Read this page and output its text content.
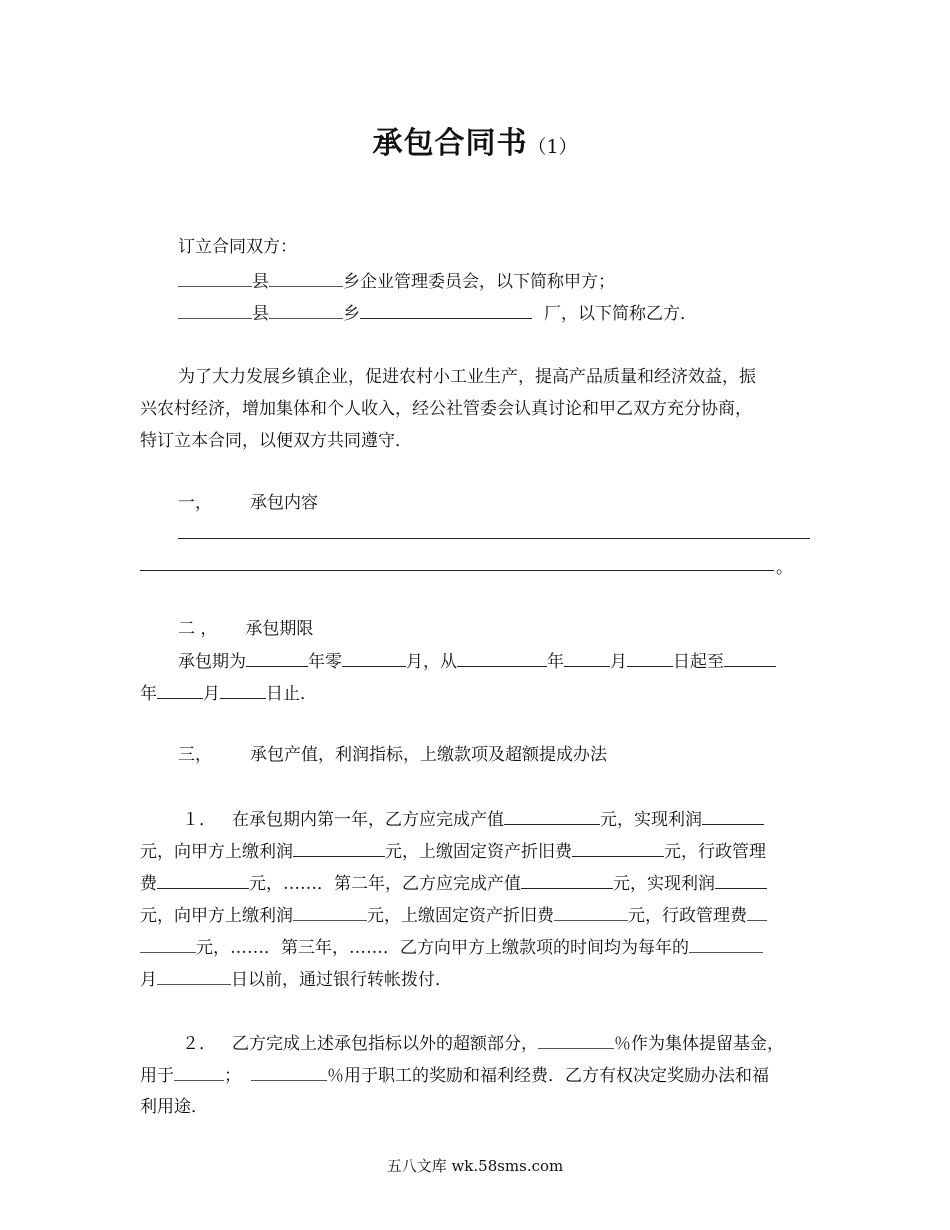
承包合同书（1）
订立合同双方：
县	乡企业管理委员会，以下简称甲方；
县	乡	厂，以下简称乙方．
为了大力发展乡镇企业，促进农村小工业生产，提高产品质量和经济效益，振
兴农村经济，增加集体和个人收入，经公社管委会认真讨论和甲乙双方充分协商，
特订立本合同，以便双方共同遵守．
一， 承包内容
。
二 ， 承包期限
承包期为	年零	月，从	年	月	日起至
年	月	日止．
三， 承包产值，利润指标，上缴款项及超额提成办法
１． 在承包期内第一年，乙方应完成产值	元，实现利润
元，向甲方上缴利润	元，上缴固定资产折旧费	元，行政管理
费	元，……．第二年，乙方应完成产值	元，实现利润
元，向甲方上缴利润	元，上缴固定资产折旧费	元，行政管理费
元，……．第三年，……．乙方向甲方上缴款项的时间均为每年的
月	日以前，通过银行转帐拨付．
２． 乙方完成上述承包指标以外的超额部分，	％作为集体提留基金，
用于	；	％用于职工的奖励和福利经费．乙方有权决定奖励办法和福
利用途．
五八文库 wk.58sms.com
